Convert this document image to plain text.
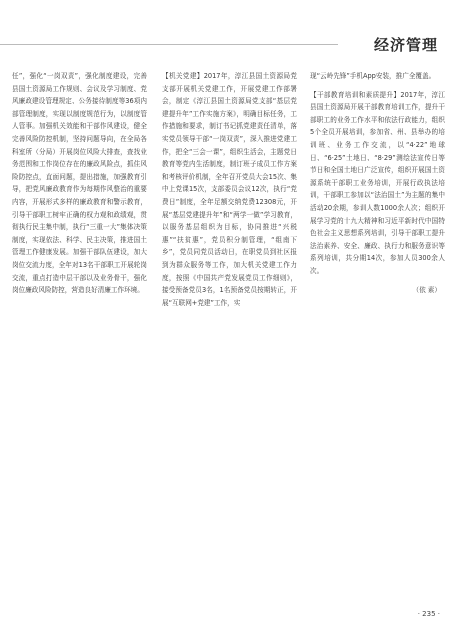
经济管理

任”，强化“一岗双责”，强化制度建设，完善县国土资源局工作规则、会议及学习制度、党风廉政建设管理规定、公务接待制度等36项内部管理制度，实现以制度规范行为，以制度管人管事。加强机关效能和干部作风建设，健全完善风险防控机制，坚持问题导向，在全局各科室所（分局）开展岗位风险大排查，查找业务范围和工作岗位存在的廉政风险点，抓住风险防控点，直面问题，提出措施，加强教育引导，把党风廉政教育作为每期作风整治的重要内容，开展形式多样的廉政教育和警示教育，引导干部职工树牢正确的权力观和政绩观，贯彻执行民主集中制，执行“三重一大”集体决策制度，实现依法、科学、民主决策，推进国土管理工作健康发展。加强干部队伍建设，加大岗位交流力度，全年对13名干部职工开展轮岗交流，重点打造中层干部以及业务骨干，强化岗位廉政风险防控，营造良好清廉工作环境。

【机关党建】2017年，淳江县国土资源局党支部开展机关党建工作，开展党建工作部署会，制定《淳江县国土资源局党支部“基层党建提升年”工作实施方案》，明确目标任务，工作措施和要求，制订书记抓党建责任清单，落实党员领导干部“一岗双责”，深入推进党建工作，把全“三会一课”，组织生活会，主题党日教育等党内生活制度，制订班子成员工作方案和考核评价机制，全年召开党员大会15次、集中上党课15次，支部委员会议12次，执行“党费日”制度，全年足额交纳党费12308元，开展“基层党建提升年”和“两学一做”学习教育，以服务基层组织为目标，协同推进“兴税惠”“扶贫惠”，党员积分制管理，“组南下乡”，党员同党员活动日，在职党员到社区报到为群众服务等工作，加大机关党建工作力度，按照《中国共产党发展党员工作细则》，接受预备党员3名，1名预备党员按期转正，开展“互联网+党建”工作，实

现“云岭先锋”手机App安装，推广全覆盖。

【干部教育培训和素质提升】2017年，淳江县国土资源局开展干部教育培训工作，提升干部职工的业务工作水平和依法行政能力，组织5个全员开展培训，参加省、州、县举办的培训班、业务工作交流，以“4·22”地球日、“6·25”土地日、“8·29”测绘法宣传日等节日和全国土地日广泛宣传，组织开展国土资源系统干部职工业务培训，开展行政执法培训，干部职工参加以“法治国土”为主题的集中活动20余期，参训人数1000余人次；组织开展学习党的十九大精神和习近平新时代中国特色社会主义思想系列培训，引导干部职工提升法治素养、安全、廉政、执行力和服务意识等系列培训，共分期14次，参加人员300余人次。

（依 素）

· 235 ·
